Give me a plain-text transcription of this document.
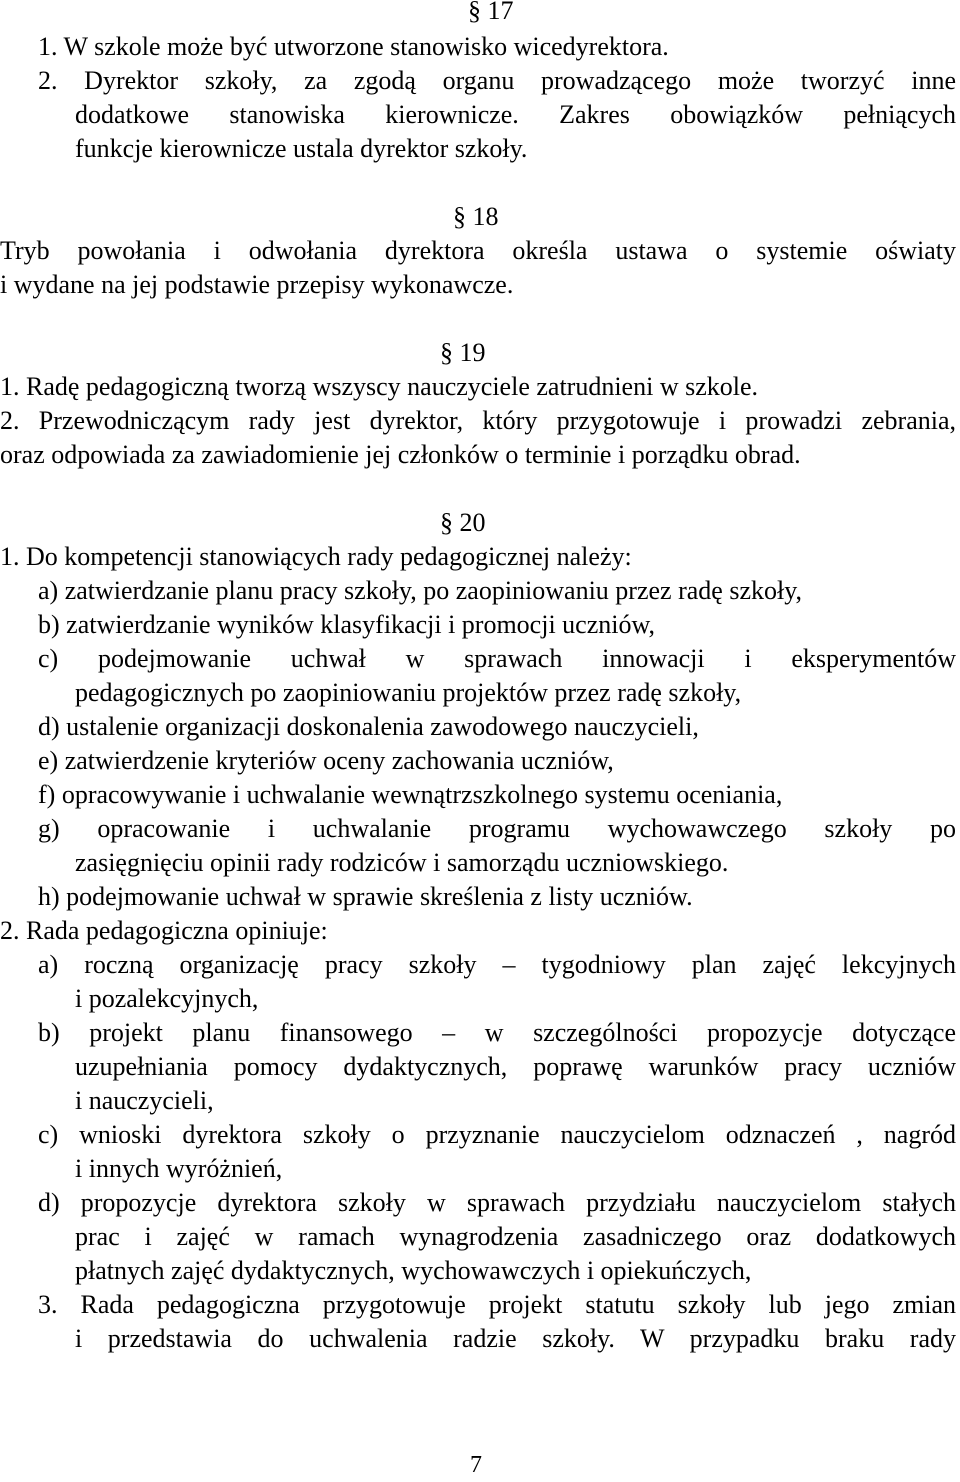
§ 17
1. W szkole może być utworzone stanowisko wicedyrektora.
2. Dyrektor szkoły, za zgodą organu prowadzącego może tworzyć inne
dodatkowe stanowiska kierownicze. Zakres obowiązków pełniących
funkcje kierownicze ustala dyrektor szkoły.
§ 18
Tryb powołania i odwołania dyrektora określa ustawa o systemie oświaty
i wydane na jej podstawie przepisy wykonawcze.
§ 19
1. Radę pedagogiczną tworzą wszyscy nauczyciele zatrudnieni w szkole.
2. Przewodniczącym rady jest dyrektor, który przygotowuje i prowadzi zebrania,
oraz odpowiada za zawiadomienie jej członków o terminie i porządku obrad.
§ 20
1. Do kompetencji stanowiących rady pedagogicznej należy:
a) zatwierdzanie planu pracy szkoły, po zaopiniowaniu przez radę szkoły,
b) zatwierdzanie wyników klasyfikacji i promocji uczniów,
c) podejmowanie uchwał w sprawach innowacji i eksperymentów
pedagogicznych po zaopiniowaniu projektów przez radę szkoły,
d) ustalenie organizacji doskonalenia zawodowego nauczycieli,
e) zatwierdzenie kryteriów oceny zachowania uczniów,
f) opracowywanie i uchwalanie wewnątrzszkolnego systemu oceniania,
g) opracowanie i uchwalanie programu wychowawczego szkoły po
zasięgnięciu opinii rady rodziców i samorządu uczniowskiego.
h) podejmowanie uchwał w sprawie skreślenia z listy uczniów.
2. Rada pedagogiczna opiniuje:
a) roczną organizację pracy szkoły – tygodniowy plan zajęć lekcyjnych
i pozalekcyjnych,
b) projekt planu finansowego – w szczególności propozycje dotyczące
uzupełniania pomocy dydaktycznych, poprawę warunków pracy uczniów
i nauczycieli,
c) wnioski dyrektora szkoły o przyznanie nauczycielom odznaczeń , nagród
i innych wyróżnień,
d) propozycje dyrektora szkoły w sprawach przydziału nauczycielom stałych
prac i zajęć w ramach wynagrodzenia zasadniczego oraz dodatkowych
płatnych zajęć dydaktycznych, wychowawczych i opiekuńczych,
3. Rada pedagogiczna przygotowuje projekt statutu szkoły lub jego zmian
i przedstawia do uchwalenia radzie szkoły. W przypadku braku rady
7
